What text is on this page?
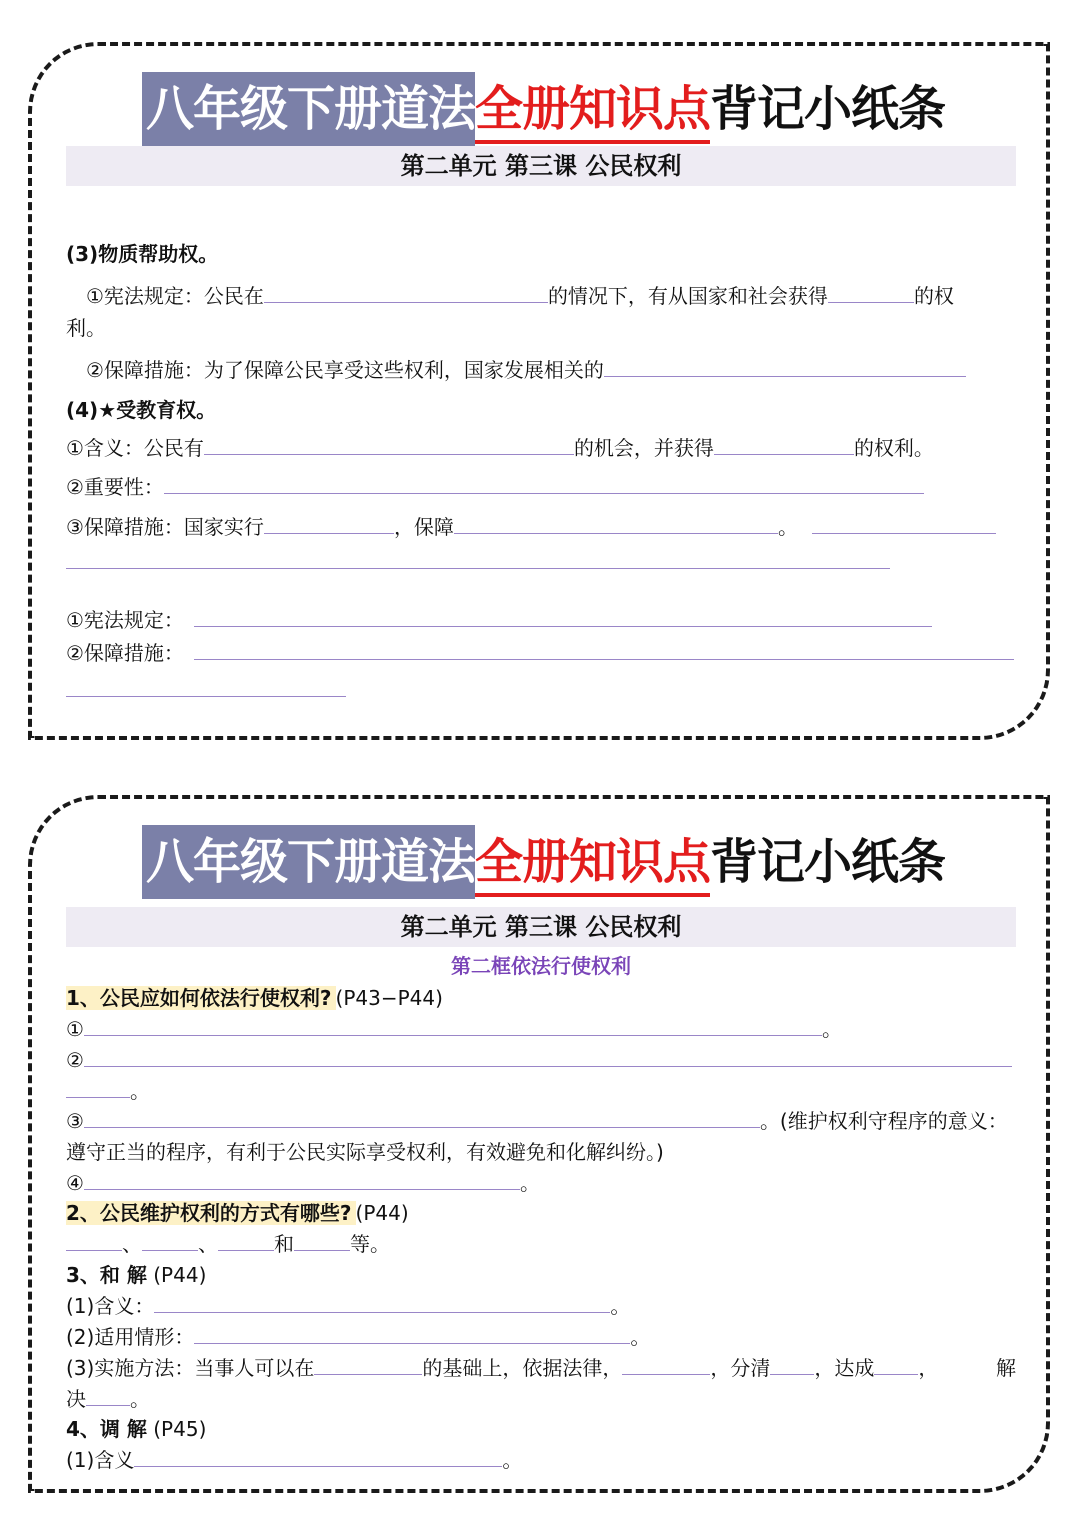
八年级下册道法全册知识点背记小纸条
第二单元 第三课 公民权利
(3)物质帮助权。
①宪法规定：公民在	的情况下，有从国家和社会获得	的权
利。
②保障措施：为了保障公民享受这些权利，国家发展相关的
(4)★受教育权。
①含义：公民有	的机会，并获得	的权利。
②重要性：
③保障措施：国家实行	，保障	。
①宪法规定：
②保障措施：
八年级下册道法全册知识点背记小纸条
第二单元 第三课 公民权利
第二框依法行使权利
1、公民应如何依法行使权利? (P43−P44)
①	。
②
。
③	。(维护权利守程序的意义：
遵守正当的程序，有利于公民实际享受权利，有效避免和化解纠纷。)
④	。
2、公民维护权利的方式有哪些? (P44)
、	、	和	等。
3、和 解 (P44)
(1)含义：	。
(2)适用情形：	。
(3)实施方法：当事人可以在	的基础上，依据法律，	，分清 ，达成 ，	解
决 。
4、调 解 (P45)
(1)含义	。
